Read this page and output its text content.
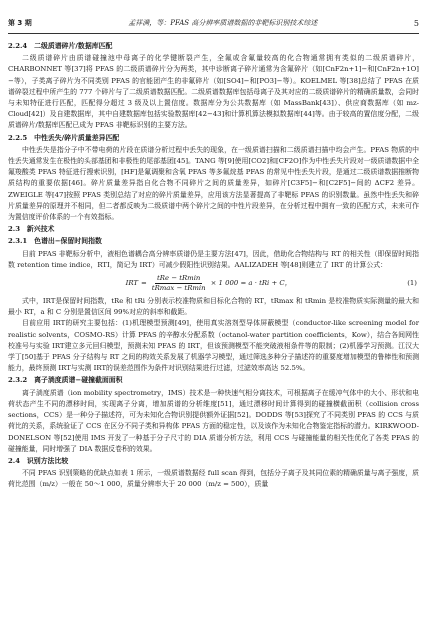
第 3 期	孟祥满，等：PFAS 高分辨率质谱数据的非靶标识别技术综述	5
2.2.4　二级质谱碎片/数据库匹配

二级质谱碎片由质谱碰撞池中母离子的化学键断裂产生，全氟或含氟量较高的化合物通常拥有类似的二级质谱碎片，CHARBONNET 等[37]将 PFAS 的二级质谱碎片分为两类，其中诊断离子碎片通常为含氟碎片（如[CnF2n+1]−和[CnF2n+1O]−等），子类离子碎片为不同类别 PFAS 的官能团产生的非氟碎片（如[SO4]−和[PO3]−等）。KOELMEL 等[38]总结了 PFAS 在质谱碎裂过程中所产生的 777 个碎片与了二级质谱数据匹配。二级质谱数据库包括母离子及其对应的二级质谱碎片的精确质量数，会同时与未知特征进行匹配，匹配得分超过 3 级及以上置信度。数据库分为公共数据库（如 MassBank[43]）、供应商数据库（如 mz-Cloud[42]）及自建数据库，其中自建数据库包括实验数据库[42−43]和计算机算法模拟数据库[44]等。由于较高的置信度分配，二级质谱碎片/数据库匹配已成为 PFAS 非靶标识别的主要方法。

2.2.5　中性丢失/碎片质量差异匹配

中性丢失是指分子中不带电荷的片段在质谱分析过程中丢失的现象，在一级质谱扫描和二级质谱扫描中均会产生。PFAS 物质的中性丢失通常发生在极性的头部基团和非极性的尾部基团[45]。TANG 等[9]使用[CO2]和[CF2O]作为中性丢失片段对一级质谱数据中全氟羧酸类 PFAS 特征进行搜索识别，[HF]是氟调聚和含氧 PFAS 等多氟烷基 PFAS 的常见中性丢失片段，是通过二级质谱数据推断物质结构的重要依据[46]。碎片质量差异指自化合物不同碎片之间的质量差异，如碎片[C3F5]−和[C2F5]−间的 ΔCF2 差异。ZWEIGLE 等[47]按照 PFAS 类别总结了对应的碎片质量差异，应用该方法显著提高了非靶标 PFAS 的识别数量。虽然中性丢失和碎片质量差异的原理并不相同，但二者都反映为二级质谱中两个碎片之间的中性片段差异，在分析过程中拥有一致的匹配方式，未来可作为置信度评价体系的一个有效指标。

2.3　新兴技术
2.3.1　色谱出−保留时间指数

目前 PFAS 非靶标分析中，液相色谱耦合高分辨率质谱仍是主要方法[47]，因此，借助化合物结构与 RT 的相关性（即保留时间指数 retention time indice，RTI，简记为 IRT）可减少假阳性识别结果。AALIZADEH 等[48]则建立了 IRT 的计算公式：

IRT = $\frac{\text{tRe − tRmin}}{tRmax - tRmin} \times 1$ 000 = a · tRi + C，	(1)

式中，IRT是保留时间指数，tRe 和 tRi 分别表示校准物质和目标化合物的 RT，tRmax 和 tRmin 是校准物质实际测量的最大和最小 RT，a 和 C 分别是置信区间 99%对应的斜率和截距。

目前应用 IRT的研究主要包括：(1)机理模型预测[49]，使用真实溶剂型导体屏蔽模型（conductor-like screening model for realistic solvents，COSMO-RS）计算 PFAS 的辛醇水分配系数（octanol-water partition coefficients，Kow），结合各间网性校准号与实验 IRT建立多元回归模型，预测未知 PFAS 的 IRT，但该预测模型不能突破液相条件等的限制；(2)机器学习预测。江汉大学丁[50]基于 PFAS 分子结构与 RT 之间的构效关系发展了机器学习模型，通过筛选多种分子描述符的重要度增加模型的鲁棒性和预测能力，最终预测 IRT与实测 IRT的误差范围作为条件对识别结果进行过滤，过滤效率高达 52.5%。

2.3.2　离子淌度质谱−碰撞截面面积

离子淌度质谱（ion mobility spectrometry，IMS）技术是一种快速气相分离技术，可根据离子在缓冲气体中的大小、形状和电荷状态产生不同的漂移时间，实现离子分离，增加质谱的分析维度[51]，通过漂移时间计算得到的碰撞横截面积（collision cross sections，CCS）是一种分子描述符，可为未知化合物识别提供额外证据[52]。DODDS 等[53]探究了不同类别 PFAS 的 CCS 与质荷比的关系，系统验证了 CCS 在区分不同子类和异构体 PFAS 方面的稳定性，以及该作为未知化合物鉴定指标的潜力。KIRKWOOD-DONELSON 等[52]使用 IMS 开发了一种基于分子尺寸的 DIA 质谱分析方法，利用 CCS 与碰撞能量的相关性优化了各类 PFAS 的碰撞能量，同时增强了 DIA 数据反卷积的效果。

2.4　识别方法比较

不同 PFAS 识别策略的优缺点如表 1 所示，一级质谱数据经 full scan 得到，包括分子离子及其同位素的精确质量与离子强度，质荷比范围（m/z）一般在 50～1 000，质量分辨率大于 20 000（m/z = 500），质量
